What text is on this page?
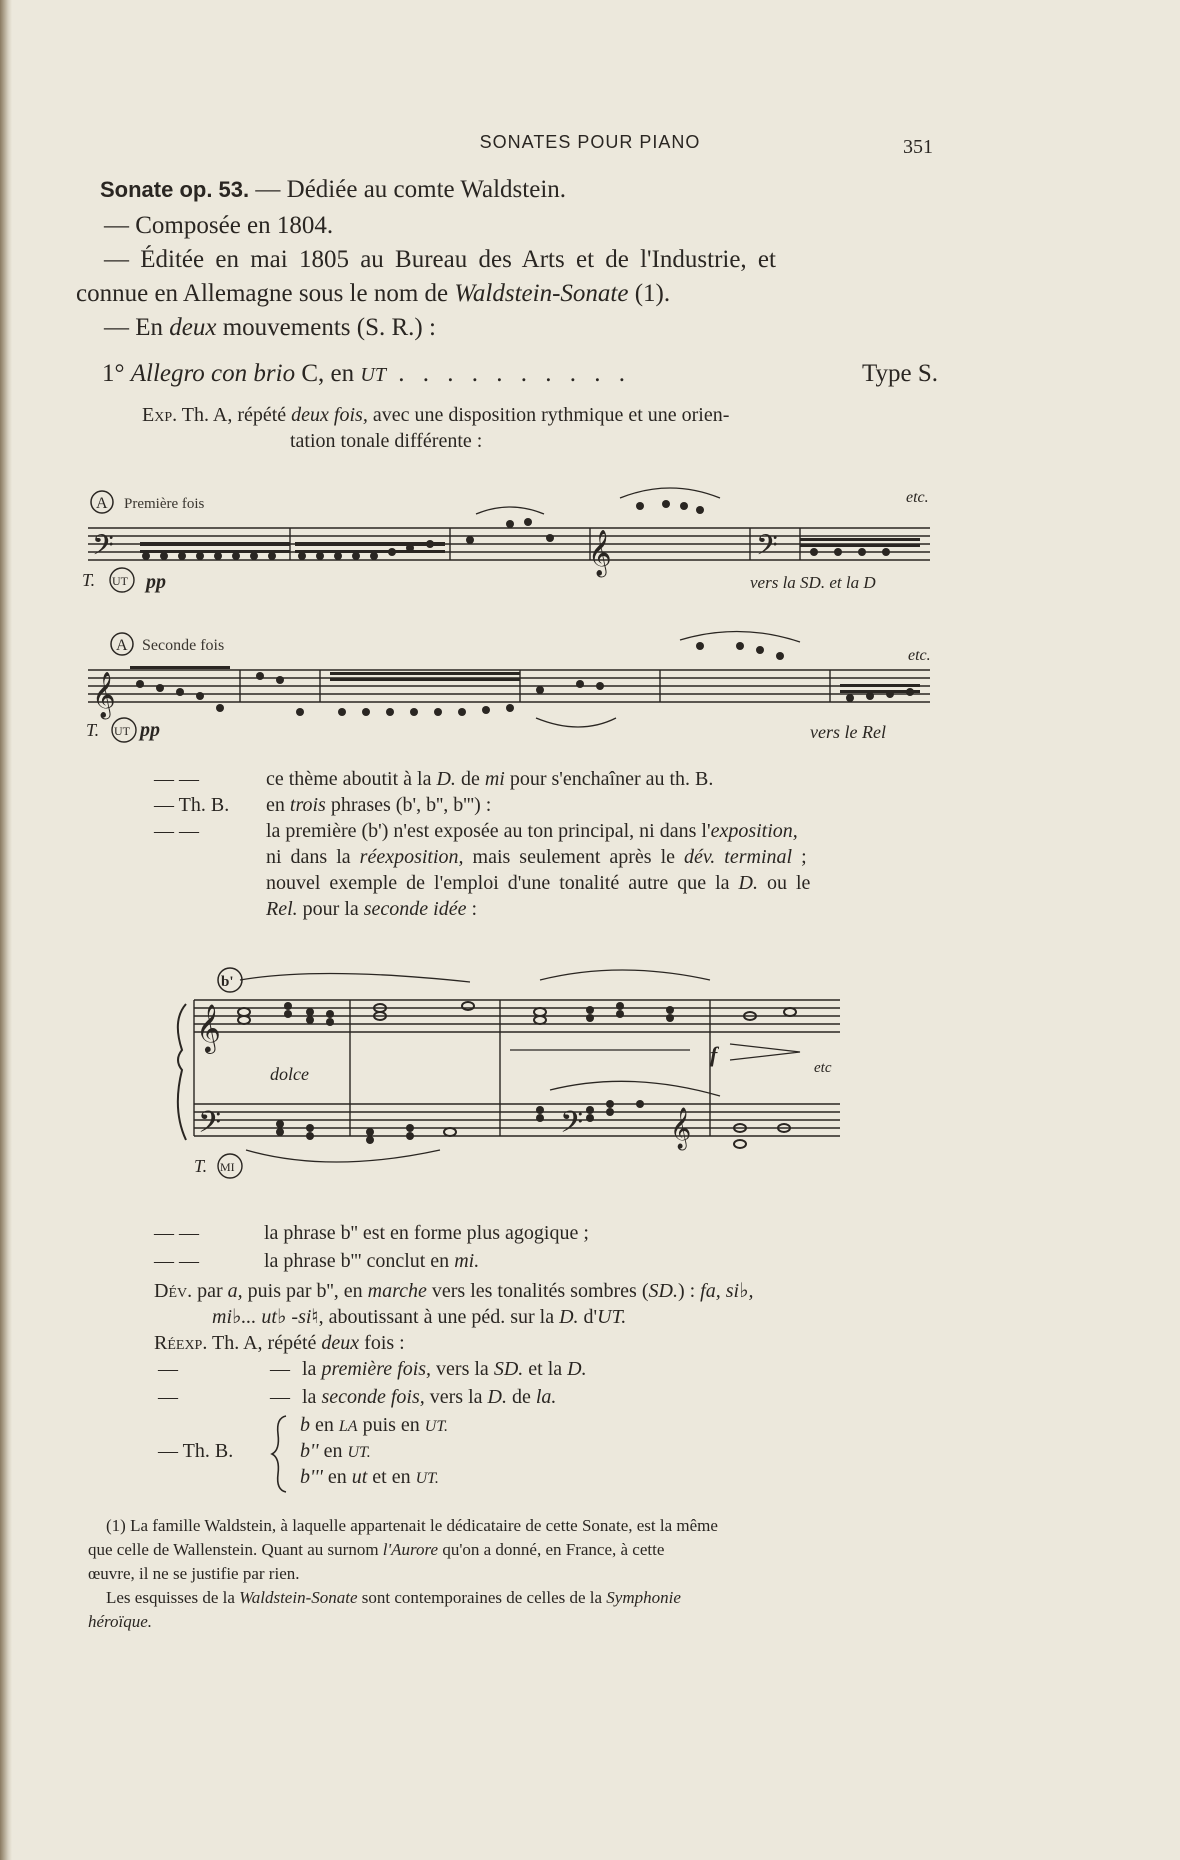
SONATES POUR PIANO	351
Sonate op. 53. — Dédiée au comte Waldstein.
— Composée en 1804.
— Éditée en mai 1805 au Bureau des Arts et de l'Industrie, et
connue en Allemagne sous le nom de Waldstein-Sonate (1).
— En deux mouvements (S. R.) :
1° Allegro con brio C, en UT . . . . . . . . . .	Type S.
Exp. Th. A, répété deux fois, avec une disposition rythmique et une orien-
tation tonale différente :
𝄢	𝄞	𝄢
A Première fois
T. UT pp
etc.
vers la SD. et la D
𝄞
A Seconde fois
T. UT pp
etc.
vers le Rel
— —	ce thème aboutit à la D. de mi pour s'enchaîner au th. B.
— Th. B. en trois phrases (b', b'', b''') :
— —	la première (b') n'est exposée au ton principal, ni dans l'exposition,
ni dans la réexposition, mais seulement après le dév. terminal ;
nouvel exemple de l'emploi d'une tonalité autre que la D. ou le
Rel. pour la seconde idée :
𝄞
𝄢	𝄢 𝄞
b'
dolce
f
etc
T. MI
— —	la phrase b'' est en forme plus agogique ;
— —	la phrase b''' conclut en mi.
Dév. par a, puis par b'', en marche vers les tonalités sombres (SD.) : fa, si♭,
mi♭... ut♭ -si♮, aboutissant à une péd. sur la D. d'UT.
Réexp. Th. A, répété deux fois :
—	— la première fois, vers la SD. et la D.
—	— la seconde fois, vers la D. de la.
b en LA puis en UT.
— Th. B.	b'' en UT.
b''' en ut et en UT.
(1) La famille Waldstein, à laquelle appartenait le dédicataire de cette Sonate, est la même
que celle de Wallenstein. Quant au surnom l'Aurore qu'on a donné, en France, à cette
œuvre, il ne se justifie par rien.
Les esquisses de la Waldstein-Sonate sont contemporaines de celles de la Symphonie
héroïque.
